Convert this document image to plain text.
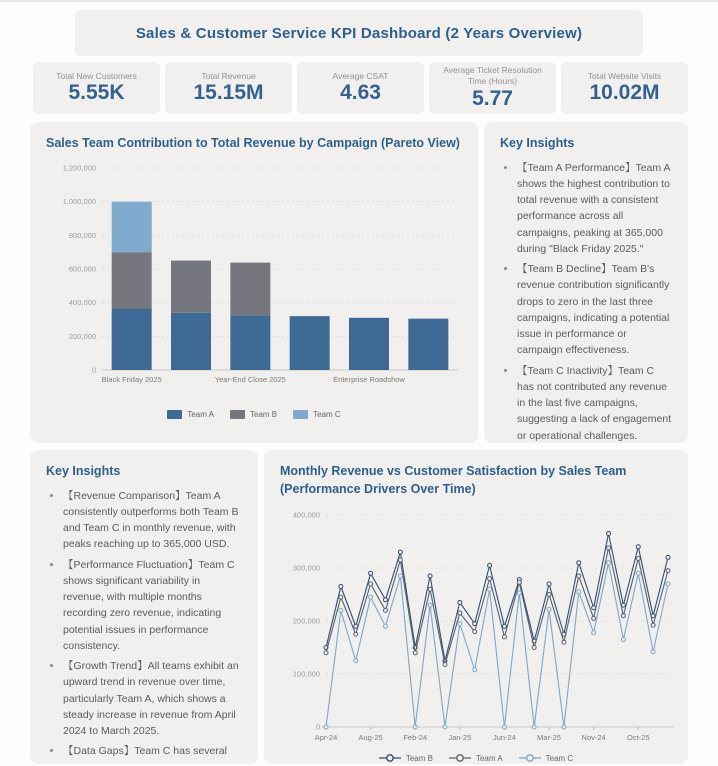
Sales & Customer Service KPI Dashboard (2 Years Overview)
Total New Customers
5.55K
Total Revenue
15.15M
Average CSAT
4.63
Average Ticket Resolution Time (Hours)
5.77
Total Website Visits
10.02M
Sales Team Contribution to Total Revenue by Campaign (Pareto View)
0
200,000
400,000
600,000
800,000
1,000,000
1,200,000
Black Friday 2025	Year-End Close 2025	Enterprise Roadshow
Team A	Team B	Team C
Key Insights
• 【Team A Performance】Team A shows the highest contribution to total revenue with a consistent performance across all campaigns, peaking at 365,000 during "Black Friday 2025."
• 【Team B Decline】Team B's revenue contribution significantly drops to zero in the last three campaigns, indicating a potential issue in performance or campaign effectiveness.
• 【Team C Inactivity】Team C has not contributed any revenue in the last five campaigns, suggesting a lack of engagement or operational challenges.
•
Key Insights
• 【Revenue Comparison】Team A consistently outperforms both Team B and Team C in monthly revenue, with peaks reaching up to 365,000 USD.
• 【Performance Fluctuation】Team C shows significant variability in revenue, with multiple months recording zero revenue, indicating potential issues in performance consistency.
• 【Growth Trend】All teams exhibit an upward trend in revenue over time, particularly Team A, which shows a steady increase in revenue from April 2024 to March 2025.
• 【Data Gaps】Team C has several
Monthly Revenue vs Customer Satisfaction by Sales Team (Performance Drivers Over Time)
0
100,000
200,000
300,000
400,000
Apr-24	Aug-25	Feb-24	Jan-25	Jun-24	Mar-25	Nov-24	Oct-25
Team B	Team A	Team C
